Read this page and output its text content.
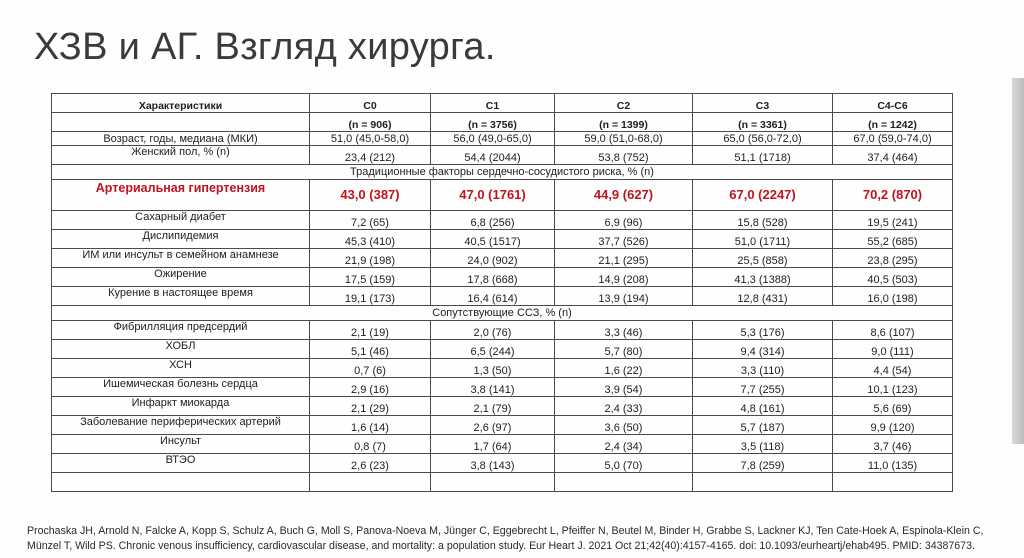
ХЗВ и АГ. Взгляд хирурга.
Характеристики	C0	C1	C2	C3	C4-C6
	(n = 906)	(n = 3756)	(n = 1399)	(n = 3361)	(n = 1242)
Возраст, годы, медиана (МКИ)	51,0 (45,0-58,0)	56,0 (49,0-65,0)	59,0 (51,0-68,0)	65,0 (56,0-72,0)	67,0 (59,0-74,0)
Женский пол, % (n)	23,4 (212)	54,4 (2044)	53,8 (752)	51,1 (1718)	37,4 (464)
Традиционные факторы сердечно-сосудистого риска, % (n)					
Артериальная гипертензия	43,0 (387)	47,0 (1761)	44,9 (627)	67,0 (2247)	70,2 (870)
Сахарный диабет	7,2 (65)	6,8 (256)	6,9 (96)	15,8 (528)	19,5 (241)
Дислипидемия	45,3 (410)	40,5 (1517)	37,7 (526)	51,0 (1711)	55,2 (685)
ИМ или инсульт в семейном анамнезе	21,9 (198)	24,0 (902)	21,1 (295)	25,5 (858)	23,8 (295)
Ожирение	17,5 (159)	17,8 (668)	14,9 (208)	41,3 (1388)	40,5 (503)
Курение в настоящее время	19,1 (173)	16,4 (614)	13,9 (194)	12,8 (431)	16,0 (198)
Сопутствующие ССЗ, % (n)					
Фибрилляция предсердий	2,1 (19)	2,0 (76)	3,3 (46)	5,3 (176)	8,6 (107)
ХОБЛ	5,1 (46)	6,5 (244)	5,7 (80)	9,4 (314)	9,0 (111)
ХСН	0,7 (6)	1,3 (50)	1,6 (22)	3,3 (110)	4,4 (54)
Ишемическая болезнь сердца	2,9 (16)	3,8 (141)	3,9 (54)	7,7 (255)	10,1 (123)
Инфаркт миокарда	2,1 (29)	2,1 (79)	2,4 (33)	4,8 (161)	5,6 (69)
Заболевание периферических артерий	1,6 (14)	2,6 (97)	3,6 (50)	5,7 (187)	9,9 (120)
Инсульт	0,8 (7)	1,7 (64)	2,4 (34)	3,5 (118)	3,7 (46)
ВТЭО	2,6 (23)	3,8 (143)	5,0 (70)	7,8 (259)	11,0 (135)

Prochaska JH, Arnold N, Falcke A, Kopp S, Schulz A, Buch G, Moll S, Panova-Noeva M, Jünger C, Eggebrecht L, Pfeiffer N, Beutel M, Binder H, Grabbe S, Lackner KJ, Ten Cate-Hoek A, Espinola-Klein C,
Münzel T, Wild PS. Chronic venous insufficiency, cardiovascular disease, and mortality: a population study. Eur Heart J. 2021 Oct 21;42(40):4157-4165. doi: 10.1093/eurheartj/ehab495. PMID: 34387673.
